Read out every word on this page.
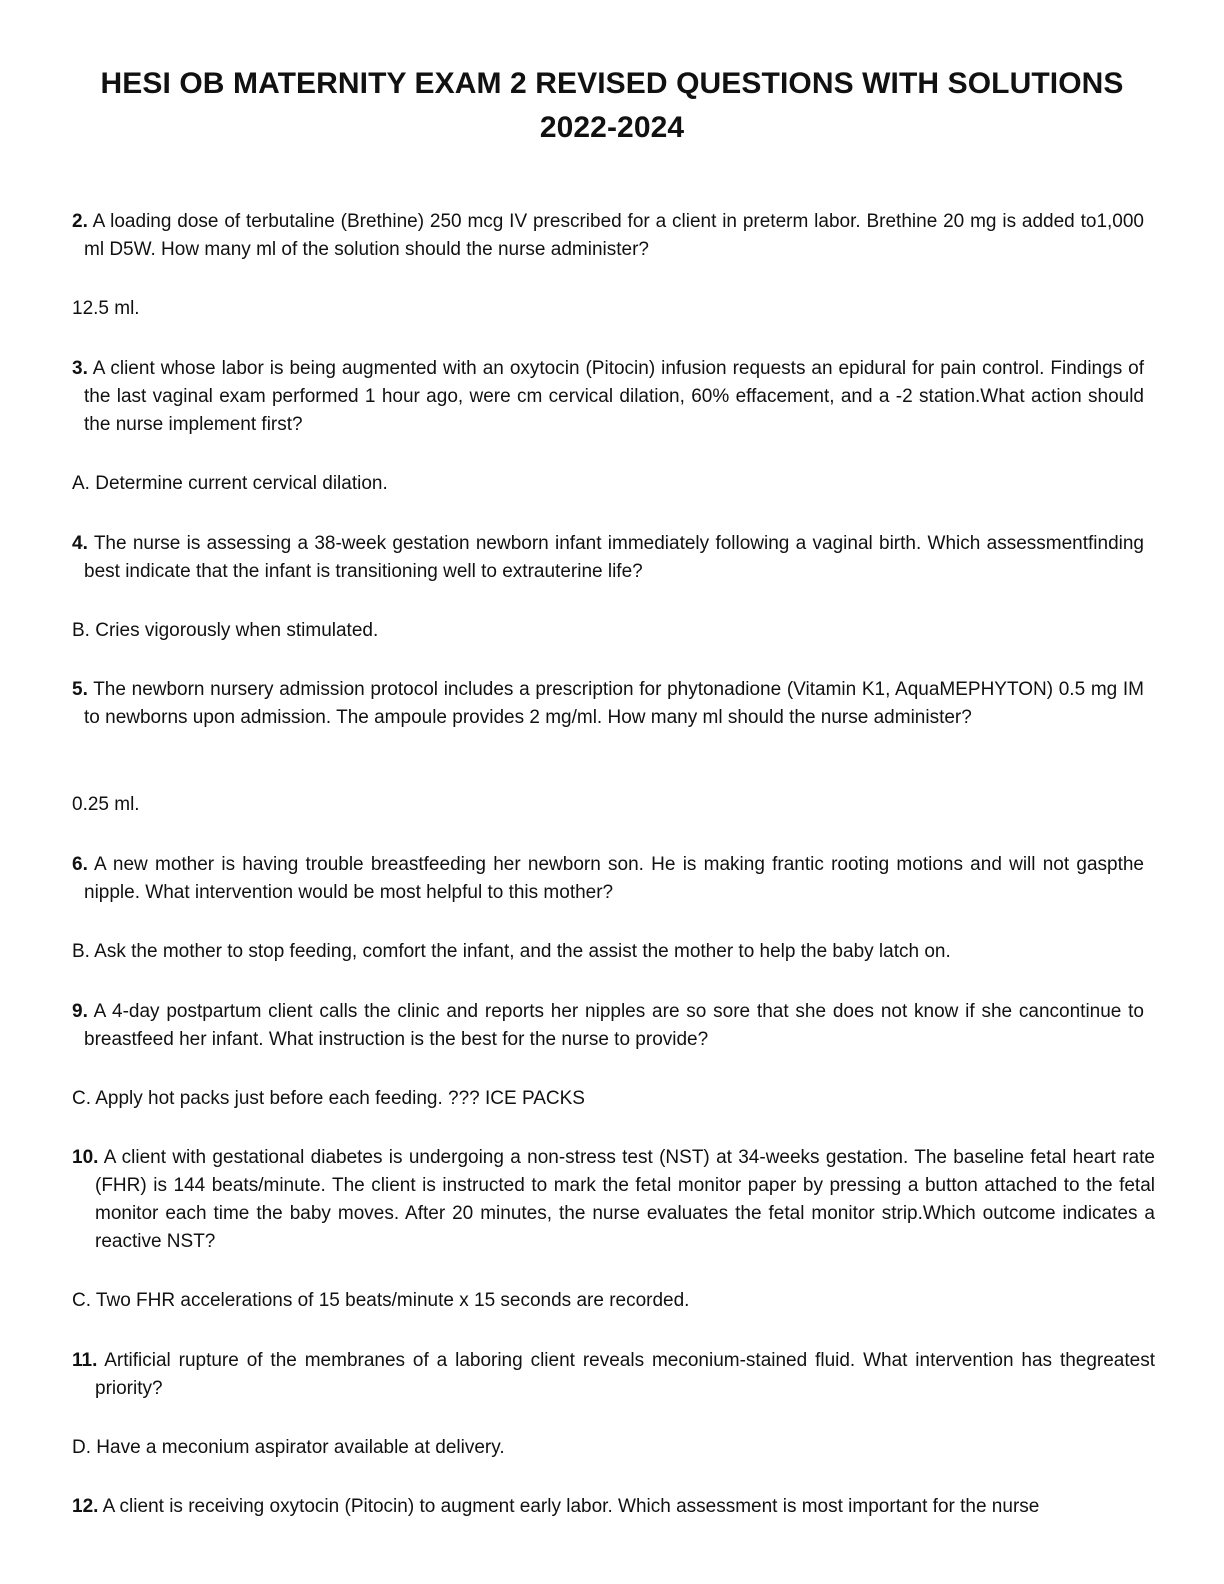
HESI OB MATERNITY EXAM 2 REVISED QUESTIONS WITH SOLUTIONS 2022-2024
2. A loading dose of terbutaline (Brethine) 250 mcg IV prescribed for a client in preterm labor. Brethine 20 mg is added to1,000 ml D5W. How many ml of the solution should the nurse administer?
12.5 ml.
3. A client whose labor is being augmented with an oxytocin (Pitocin) infusion requests an epidural for pain control. Findings of the last vaginal exam performed 1 hour ago, were cm cervical dilation, 60% effacement, and a -2 station.What action should the nurse implement first?
A. Determine current cervical dilation.
4. The nurse is assessing a 38-week gestation newborn infant immediately following a vaginal birth. Which assessmentfinding best indicate that the infant is transitioning well to extrauterine life?
B. Cries vigorously when stimulated.
5. The newborn nursery admission protocol includes a prescription for phytonadione (Vitamin K1, AquaMEPHYTON) 0.5 mg IM to newborns upon admission. The ampoule provides 2 mg/ml. How many ml should the nurse administer?
0.25 ml.
6. A new mother is having trouble breastfeeding her newborn son. He is making frantic rooting motions and will not gaspthe nipple. What intervention would be most helpful to this mother?
B. Ask the mother to stop feeding, comfort the infant, and the assist the mother to help the baby latch on.
9. A 4-day postpartum client calls the clinic and reports her nipples are so sore that she does not know if she cancontinue to breastfeed her infant. What instruction is the best for the nurse to provide?
C. Apply hot packs just before each feeding. ??? ICE PACKS
10. A client with gestational diabetes is undergoing a non-stress test (NST) at 34-weeks gestation. The baseline fetal heart rate (FHR) is 144 beats/minute. The client is instructed to mark the fetal monitor paper by pressing a button attached to the fetal monitor each time the baby moves. After 20 minutes, the nurse evaluates the fetal monitor strip.Which outcome indicates a reactive NST?
C. Two FHR accelerations of 15 beats/minute x 15 seconds are recorded.
11. Artificial rupture of the membranes of a laboring client reveals meconium-stained fluid. What intervention has thegreatest priority?
D. Have a meconium aspirator available at delivery.
12. A client is receiving oxytocin (Pitocin) to augment early labor. Which assessment is most important for the nurse
